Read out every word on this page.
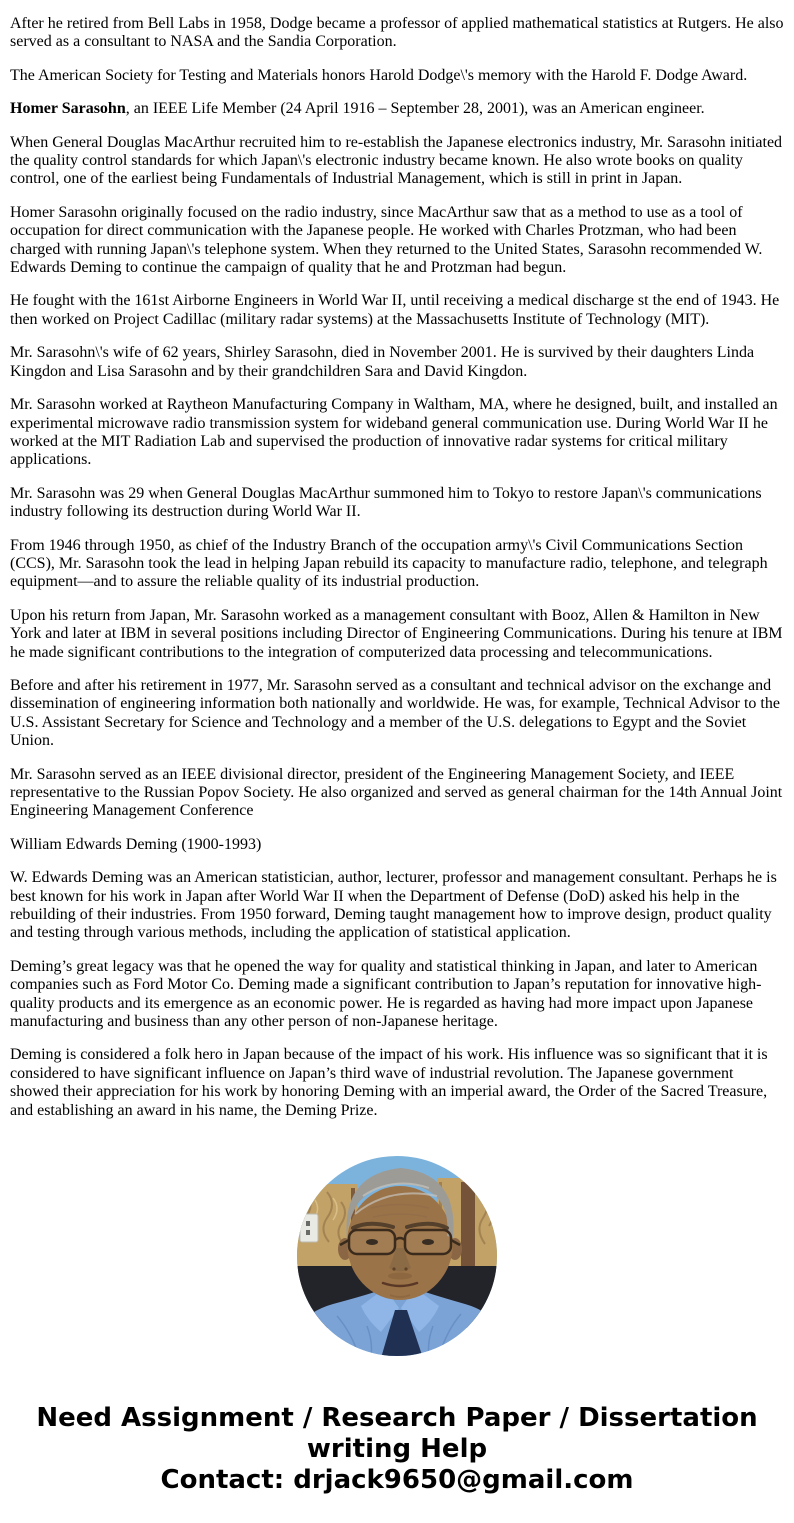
After he retired from Bell Labs in 1958, Dodge became a professor of applied mathematical statistics at Rutgers. He also served as a consultant to NASA and the Sandia Corporation.

The American Society for Testing and Materials honors Harold Dodge\'s memory with the Harold F. Dodge Award.

Homer Sarasohn, an IEEE Life Member (24 April 1916 – September 28, 2001), was an American engineer.

When General Douglas MacArthur recruited him to re-establish the Japanese electronics industry, Mr. Sarasohn initiated the quality control standards for which Japan\'s electronic industry became known. He also wrote books on quality control, one of the earliest being Fundamentals of Industrial Management, which is still in print in Japan.

Homer Sarasohn originally focused on the radio industry, since MacArthur saw that as a method to use as a tool of occupation for direct communication with the Japanese people. He worked with Charles Protzman, who had been charged with running Japan\'s telephone system. When they returned to the United States, Sarasohn recommended W. Edwards Deming to continue the campaign of quality that he and Protzman had begun.

He fought with the 161st Airborne Engineers in World War II, until receiving a medical discharge st the end of 1943. He then worked on Project Cadillac (military radar systems) at the Massachusetts Institute of Technology (MIT).

Mr. Sarasohn\'s wife of 62 years, Shirley Sarasohn, died in November 2001. He is survived by their daughters Linda Kingdon and Lisa Sarasohn and by their grandchildren Sara and David Kingdon.

Mr. Sarasohn worked at Raytheon Manufacturing Company in Waltham, MA, where he designed, built, and installed an experimental microwave radio transmission system for wideband general communication use. During World War II he worked at the MIT Radiation Lab and supervised the production of innovative radar systems for critical military applications.

Mr. Sarasohn was 29 when General Douglas MacArthur summoned him to Tokyo to restore Japan\'s communications industry following its destruction during World War II.

From 1946 through 1950, as chief of the Industry Branch of the occupation army\'s Civil Communications Section (CCS), Mr. Sarasohn took the lead in helping Japan rebuild its capacity to manufacture radio, telephone, and telegraph equipment—and to assure the reliable quality of its industrial production.

Upon his return from Japan, Mr. Sarasohn worked as a management consultant with Booz, Allen & Hamilton in New York and later at IBM in several positions including Director of Engineering Communications. During his tenure at IBM he made significant contributions to the integration of computerized data processing and telecommunications.

Before and after his retirement in 1977, Mr. Sarasohn served as a consultant and technical advisor on the exchange and dissemination of engineering information both nationally and worldwide. He was, for example, Technical Advisor to the U.S. Assistant Secretary for Science and Technology and a member of the U.S. delegations to Egypt and the Soviet Union.

Mr. Sarasohn served as an IEEE divisional director, president of the Engineering Management Society, and IEEE representative to the Russian Popov Society. He also organized and served as general chairman for the 14th Annual Joint Engineering Management Conference

William Edwards Deming (1900-1993)

W. Edwards Deming was an American statistician, author, lecturer, professor and management consultant. Perhaps he is best known for his work in Japan after World War II when the Department of Defense (DoD) asked his help in the rebuilding of their industries. From 1950 forward, Deming taught management how to improve design, product quality and testing through various methods, including the application of statistical application.

Deming’s great legacy was that he opened the way for quality and statistical thinking in Japan, and later to American companies such as Ford Motor Co. Deming made a significant contribution to Japan’s reputation for innovative high-quality products and its emergence as an economic power. He is regarded as having had more impact upon Japanese manufacturing and business than any other person of non-Japanese heritage.

Deming is considered a folk hero in Japan because of the impact of his work. His influence was so significant that it is considered to have significant influence on Japan’s third wave of industrial revolution. The Japanese government showed their appreciation for his work by honoring Deming with an imperial award, the Order of the Sacred Treasure, and establishing an award in his name, the Deming Prize.

Need Assignment / Research Paper / Dissertation
writing Help
Contact: drjack9650@gmail.com
